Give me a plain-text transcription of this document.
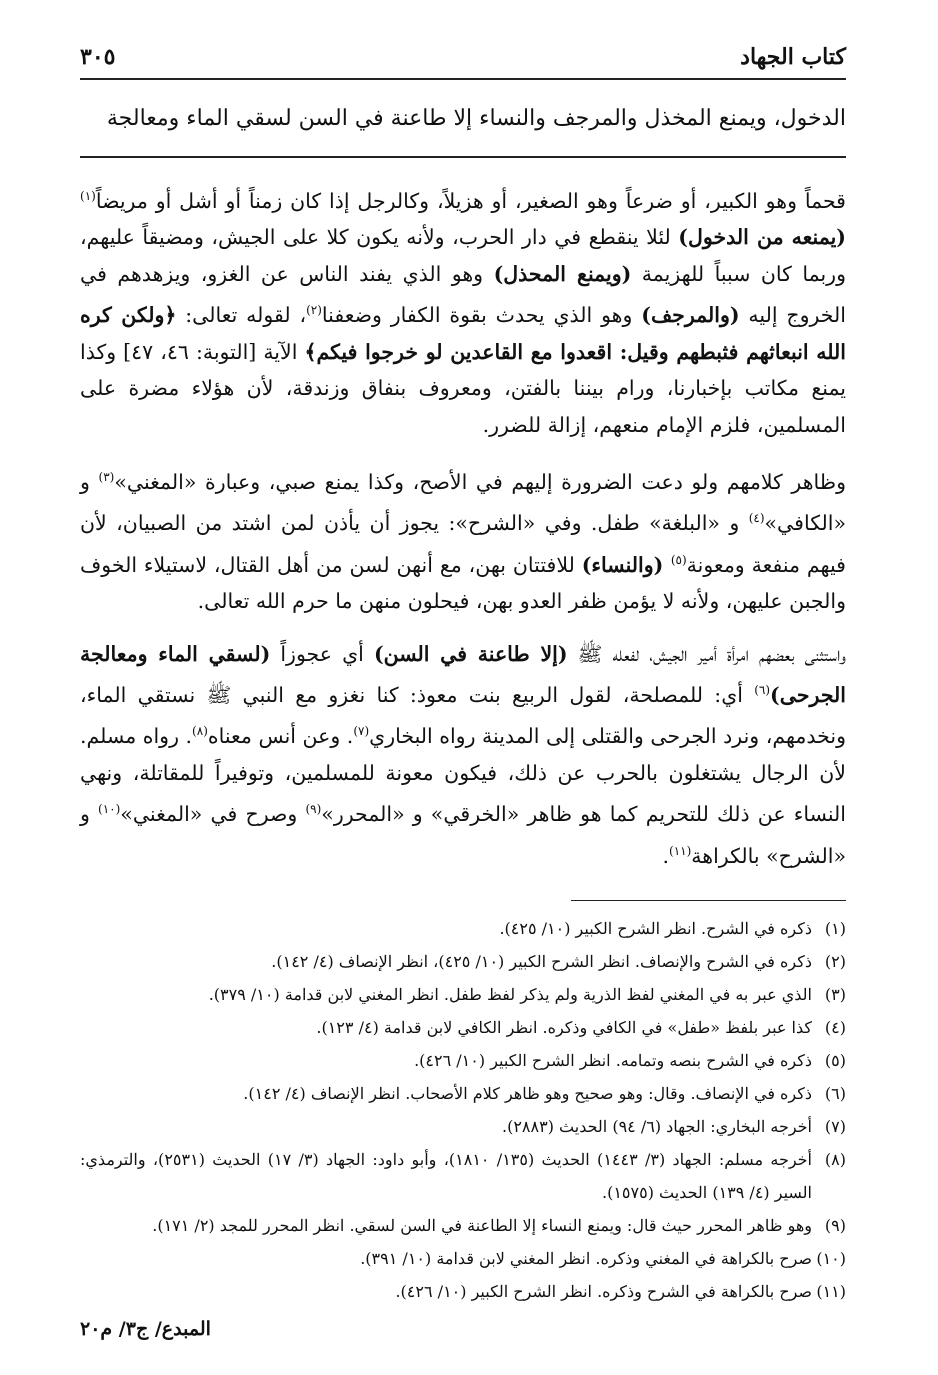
كتاب الجهاد
٣٠٥
الدخول، ويمنع المخذل والمرجف والنساء إلا طاعنة في السن لسقي الماء ومعالجة

قحماً وهو الكبير، أو ضرعاً وهو الصغير، أو هزيلاً، وكالرجل إذا كان زمناً أو أشل أو مريضاً$^{(١)}$ (يمنعه من الدخول) لئلا ينقطع في دار الحرب، ولأنه يكون كلا على الجيش، ومضيقاً عليهم، وربما كان سبباً للهزيمة (ويمنع المحذل) وهو الذي يفند الناس عن الغزو، ويزهدهم في الخروج إليه (والمرجف) وهو الذي يحدث بقوة الكفار وضعفنا$^{(٢)}$، لقوله تعالى: ﴿ولكن كره الله انبعاثهم فثبطهم وقيل: اقعدوا مع القاعدين لو خرجوا فيكم﴾ الآية [التوبة: ٤٦، ٤٧] وكذا يمنع مكاتب بإخبارنا، ورام بيننا بالفتن، ومعروف بنفاق وزندقة، لأن هؤلاء مضرة على المسلمين، فلزم الإمام منعهم، إزالة للضرر.

وظاهر كلامهم ولو دعت الضرورة إليهم في الأصح، وكذا يمنع صبي، وعبارة «المغني»$^{(٣)}$ و «الكافي»$^{(٤)}$ و «البلغة» طفل. وفي «الشرح»: يجوز أن يأذن لمن اشتد من الصبيان، لأن فيهم منفعة ومعونة$^{(٥)}$ (والنساء) للافتتان بهن، مع أنهن لسن من أهل القتال، لاستيلاء الخوف والجبن عليهن، ولأنه لا يؤمن ظفر العدو بهن، فيحلون منهن ما حرم الله تعالى.

واستثنى بعضهم امرأة أمير الجيش، لفعله ﷺ (إلا طاعنة في السن) أي عجوزاً (لسقي الماء ومعالجة الجرحى)$^{(٦)}$ أي: للمصلحة، لقول الربيع بنت معوذ: كنا نغزو مع النبي ﷺ نستقي الماء، ونخدمهم، ونرد الجرحى والقتلى إلى المدينة رواه البخاري$^{(٧)}$. وعن أنس معناه$^{(٨)}$. رواه مسلم. لأن الرجال يشتغلون بالحرب عن ذلك، فيكون معونة للمسلمين، وتوفيراً للمقاتلة، ونهي النساء عن ذلك للتحريم كما هو ظاهر «الخرقي» و «المحرر»$^{(٩)}$ وصرح في «المغني»$^{(١٠)}$ و «الشرح» بالكراهة$^{(١١)}$.

(١)
ذكره في الشرح. انظر الشرح الكبير (١٠/ ٤٢٥).
(٢)
ذكره في الشرح والإنصاف. انظر الشرح الكبير (١٠/ ٤٢٥)، انظر الإنصاف (٤/ ١٤٢).
(٣)
الذي عبر به في المغني لفظ الذرية ولم يذكر لفظ طفل. انظر المغني لابن قدامة (١٠/ ٣٧٩).
(٤)
كذا عبر بلفظ «طفل» في الكافي وذكره. انظر الكافي لابن قدامة (٤/ ١٢٣).
(٥)
ذكره في الشرح بنصه وتمامه. انظر الشرح الكبير (١٠/ ٤٢٦).
(٦)
ذكره في الإنصاف. وقال: وهو صحيح وهو ظاهر كلام الأصحاب. انظر الإنصاف (٤/ ١٤٢).
(٧)
أخرجه البخاري: الجهاد (٦/ ٩٤) الحديث (٢٨٨٣).
(٨)
أخرجه مسلم: الجهاد (٣/ ١٤٤٣) الحديث (١٣٥/ ١٨١٠)، وأبو داود: الجهاد (٣/ ١٧) الحديث (٢٥٣١)، والترمذي: السير (٤/ ١٣٩) الحديث (١٥٧٥).
(٩)
وهو ظاهر المحرر حيث قال: ويمنع النساء إلا الطاعنة في السن لسقي. انظر المحرر للمجد (٢/ ١٧١).
(١٠)
صرح بالكراهة في المغني وذكره. انظر المغني لابن قدامة (١٠/ ٣٩١).
(١١)
صرح بالكراهة في الشرح وذكره. انظر الشرح الكبير (١٠/ ٤٢٦).
المبدع/ ج٣/ م٢٠
